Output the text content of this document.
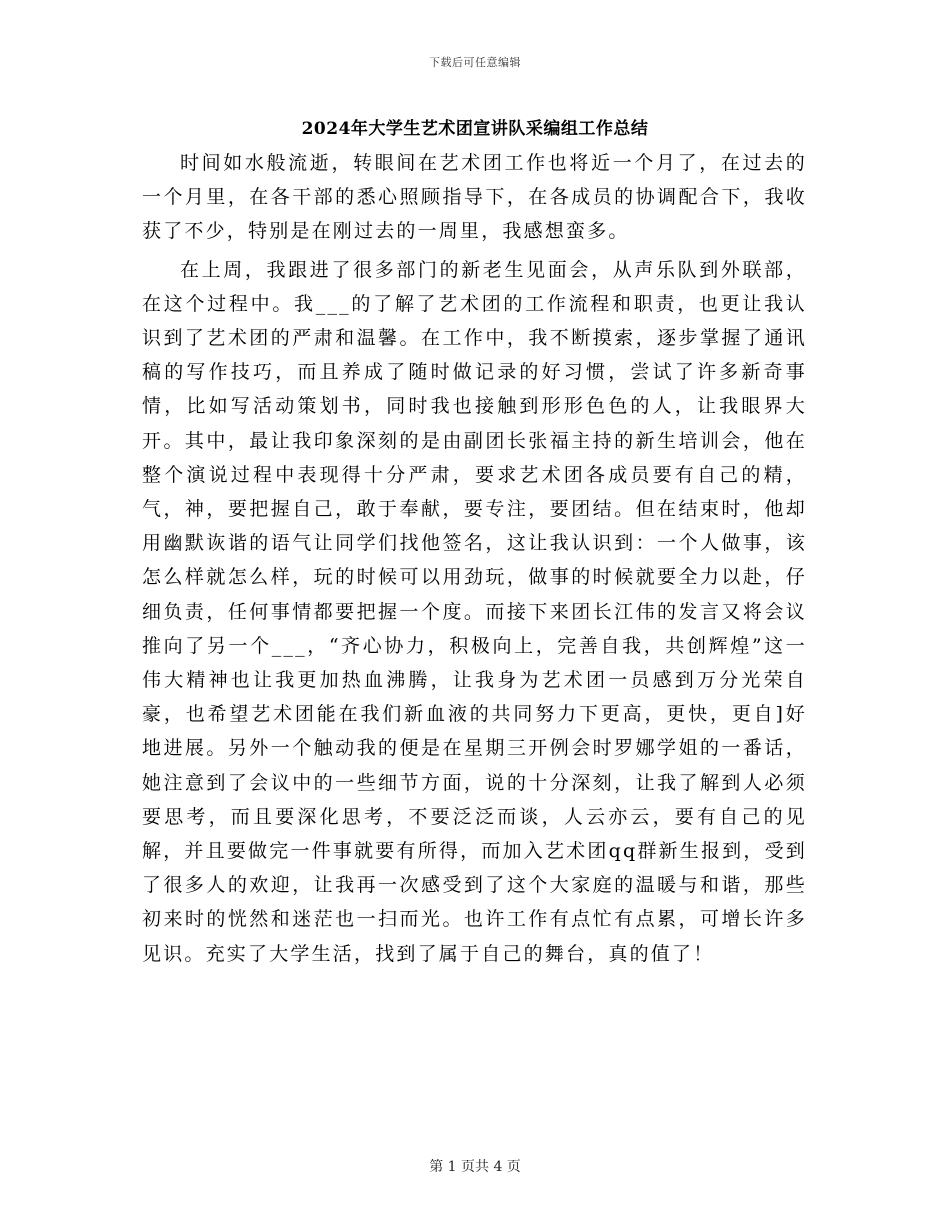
下载后可任意编辑
2024年大学生艺术团宣讲队采编组工作总结

时间如水般流逝，转眼间在艺术团工作也将近一个月了，在过去的一个月里，在各干部的悉心照顾指导下，在各成员的协调配合下，我收获了不少，特别是在刚过去的一周里，我感想蛮多。

在上周，我跟进了很多部门的新老生见面会，从声乐队到外联部，在这个过程中。我___的了解了艺术团的工作流程和职责，也更让我认识到了艺术团的严肃和温馨。在工作中，我不断摸索，逐步掌握了通讯稿的写作技巧，而且养成了随时做记录的好习惯，尝试了许多新奇事情，比如写活动策划书，同时我也接触到形形色色的人，让我眼界大开。其中，最让我印象深刻的是由副团长张福主持的新生培训会，他在整个演说过程中表现得十分严肃，要求艺术团各成员要有自己的精，气，神，要把握自己，敢于奉献，要专注，要团结。但在结束时，他却用幽默诙谐的语气让同学们找他签名，这让我认识到：一个人做事，该怎么样就怎么样，玩的时候可以用劲玩，做事的时候就要全力以赴，仔细负责，任何事情都要把握一个度。而接下来团长江伟的发言又将会议推向了另一个___，“齐心协力，积极向上，完善自我，共创辉煌”这一伟大精神也让我更加热血沸腾，让我身为艺术团一员感到万分光荣自豪，也希望艺术团能在我们新血液的共同努力下更高，更快，更自]好地进展。另外一个触动我的便是在星期三开例会时罗娜学姐的一番话，她注意到了会议中的一些细节方面，说的十分深刻，让我了解到人必须要思考，而且要深化思考，不要泛泛而谈，人云亦云，要有自己的见解，并且要做完一件事就要有所得，而加入艺术团qq群新生报到，受到了很多人的欢迎，让我再一次感受到了这个大家庭的温暖与和谐，那些初来时的恍然和迷茫也一扫而光。也许工作有点忙有点累，可增长许多见识。充实了大学生活，找到了属于自己的舞台，真的值了！

第 1 页共 4 页
